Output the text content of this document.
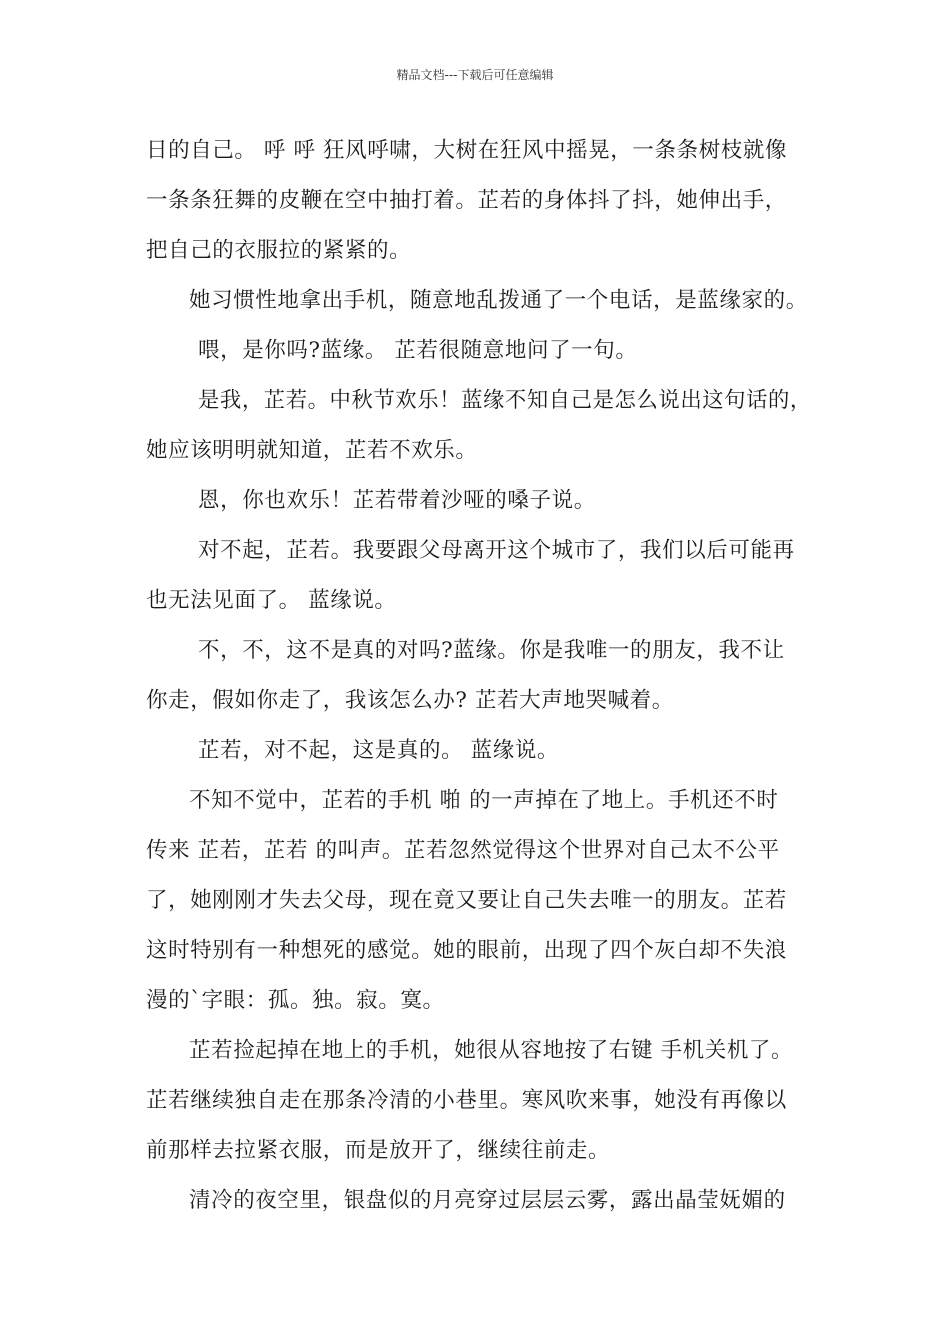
精品文档---下载后可任意编辑
日的自己。 呼 呼 狂风呼啸，大树在狂风中摇晃，一条条树枝就像
一条条狂舞的皮鞭在空中抽打着。芷若的身体抖了抖，她伸出手，
把自己的衣服拉的紧紧的。
她习惯性地拿出手机，随意地乱拨通了一个电话，是蓝缘家的。
喂，是你吗?蓝缘。 芷若很随意地问了一句。
是我，芷若。中秋节欢乐！蓝缘不知自己是怎么说出这句话的，
她应该明明就知道，芷若不欢乐。
恩，你也欢乐！芷若带着沙哑的嗓子说。
对不起，芷若。我要跟父母离开这个城市了，我们以后可能再
也无法见面了。 蓝缘说。
不，不，这不是真的对吗?蓝缘。你是我唯一的朋友，我不让
你走，假如你走了，我该怎么办? 芷若大声地哭喊着。
芷若，对不起，这是真的。 蓝缘说。
不知不觉中，芷若的手机 啪 的一声掉在了地上。手机还不时
传来 芷若，芷若 的叫声。芷若忽然觉得这个世界对自己太不公平
了，她刚刚才失去父母，现在竟又要让自己失去唯一的朋友。芷若
这时特别有一种想死的感觉。她的眼前，出现了四个灰白却不失浪
漫的`字眼：孤。独。寂。寞。
芷若捡起掉在地上的手机，她很从容地按了右键 手机关机了。
芷若继续独自走在那条冷清的小巷里。寒风吹来事，她没有再像以
前那样去拉紧衣服，而是放开了，继续往前走。
清冷的夜空里，银盘似的月亮穿过层层云雾，露出晶莹妩媚的
